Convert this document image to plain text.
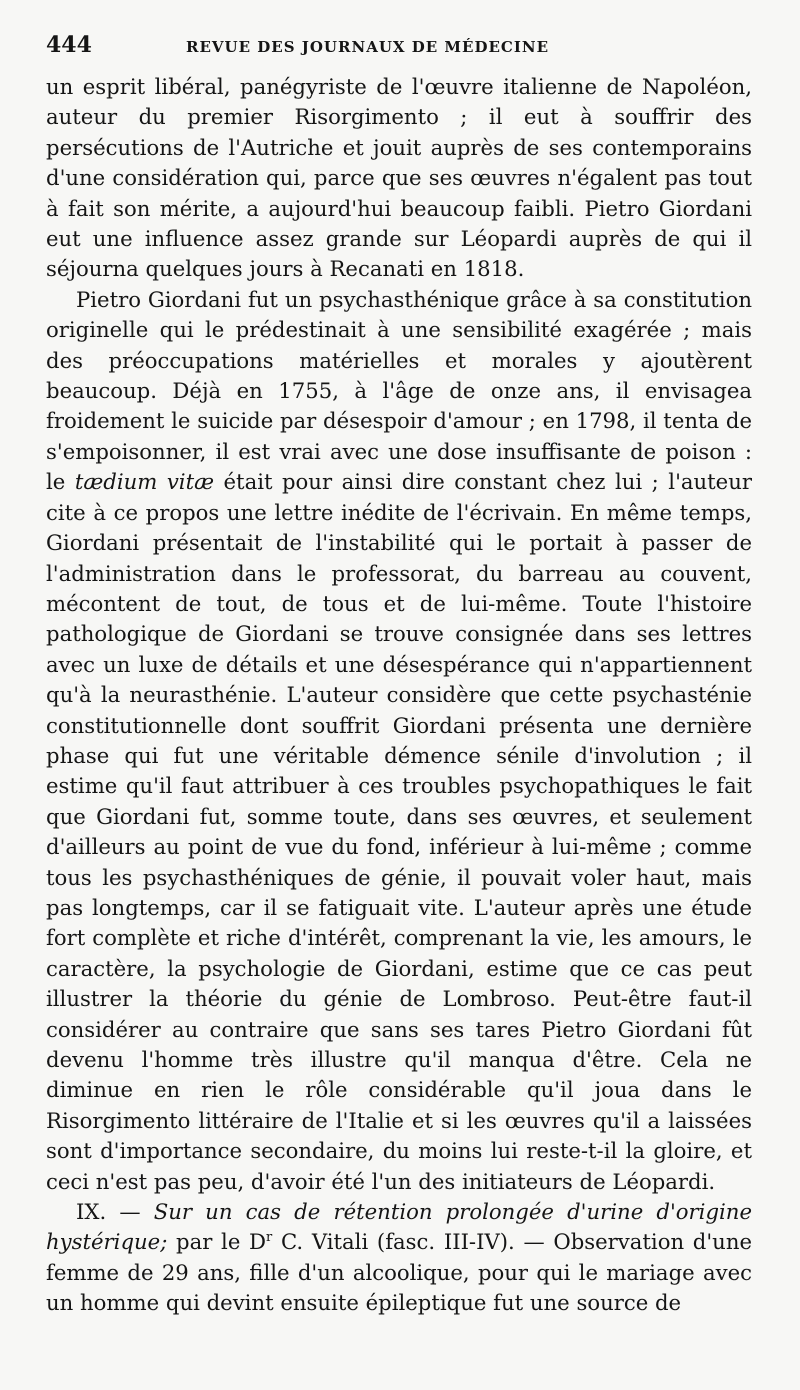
444	REVUE DES JOURNAUX DE MÉDECINE

un esprit libéral, panégyriste de l'œuvre italienne de Napoléon, auteur du premier Risorgimento ; il eut à souffrir des persécutions de l'Autriche et jouit auprès de ses contemporains d'une considération qui, parce que ses œuvres n'égalent pas tout à fait son mérite, a aujourd'hui beaucoup faibli. Pietro Giordani eut une influence assez grande sur Léopardi auprès de qui il séjourna quelques jours à Recanati en 1818.

Pietro Giordani fut un psychasthénique grâce à sa constitution originelle qui le prédestinait à une sensibilité exagérée ; mais des préoccupations matérielles et morales y ajoutèrent beaucoup. Déjà en 1755, à l'âge de onze ans, il envisagea froidement le suicide par désespoir d'amour ; en 1798, il tenta de s'empoisonner, il est vrai avec une dose insuffisante de poison : le tædium vitæ était pour ainsi dire constant chez lui ; l'auteur cite à ce propos une lettre inédite de l'écrivain. En même temps, Giordani présentait de l'instabilité qui le portait à passer de l'administration dans le professorat, du barreau au couvent, mécontent de tout, de tous et de lui-même. Toute l'histoire pathologique de Giordani se trouve consignée dans ses lettres avec un luxe de détails et une désespérance qui n'appartiennent qu'à la neurasthénie. L'auteur considère que cette psychasténie constitutionnelle dont souffrit Giordani présenta une dernière phase qui fut une véritable démence sénile d'involution ; il estime qu'il faut attribuer à ces troubles psychopathiques le fait que Giordani fut, somme toute, dans ses œuvres, et seulement d'ailleurs au point de vue du fond, inférieur à lui-même ; comme tous les psychasthéniques de génie, il pouvait voler haut, mais pas longtemps, car il se fatiguait vite. L'auteur après une étude fort complète et riche d'intérêt, comprenant la vie, les amours, le caractère, la psychologie de Giordani, estime que ce cas peut illustrer la théorie du génie de Lombroso. Peut-être faut-il considérer au contraire que sans ses tares Pietro Giordani fût devenu l'homme très illustre qu'il manqua d'être. Cela ne diminue en rien le rôle considérable qu'il joua dans le Risorgimento littéraire de l'Italie et si les œuvres qu'il a laissées sont d'importance secondaire, du moins lui reste-t-il la gloire, et ceci n'est pas peu, d'avoir été l'un des initiateurs de Léopardi.

IX. — Sur un cas de rétention prolongée d'urine d'origine hystérique; par le $D^r$ C. Vitali (fasc. III-IV). — Observation d'une femme de 29 ans, fille d'un alcoolique, pour qui le mariage avec un homme qui devint ensuite épileptique fut une source de
